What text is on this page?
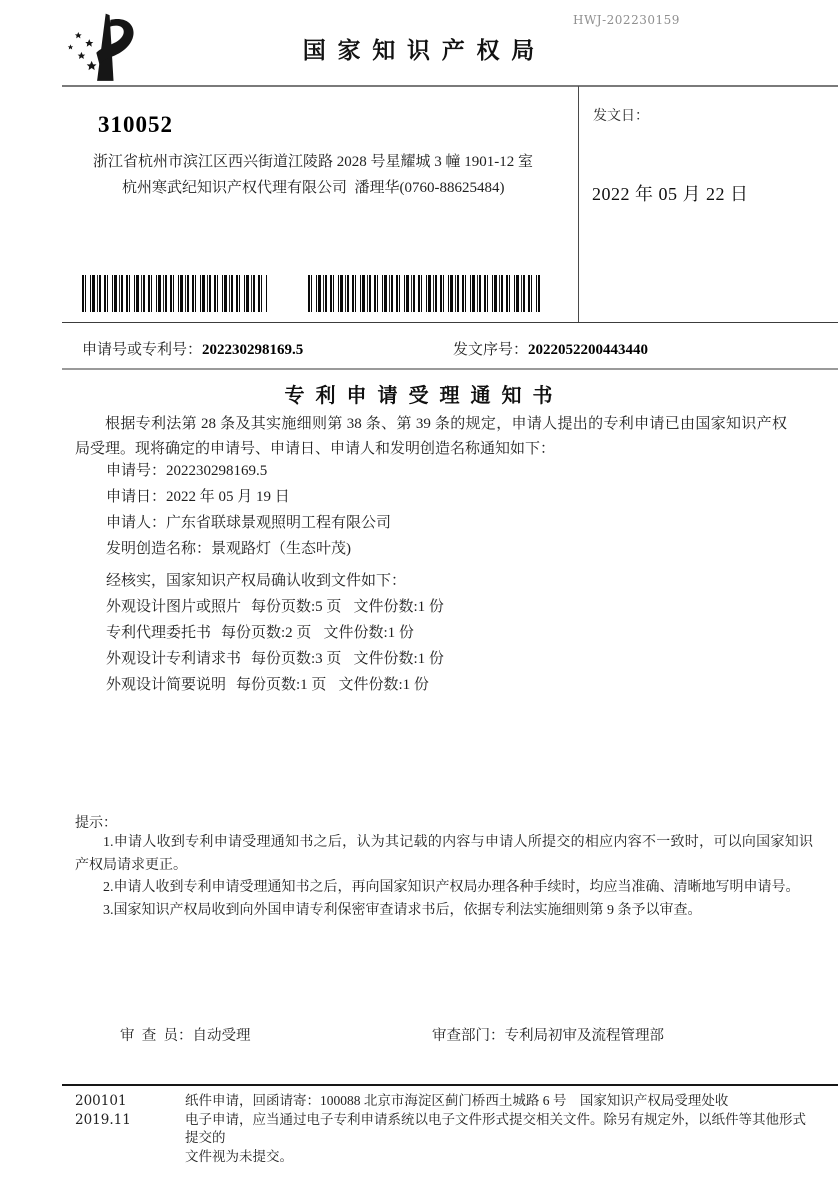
HWJ-202230159
国 家 知 识 产 权 局
发文日：
2022 年 05 月 22 日
310052
浙江省杭州市滨江区西兴街道江陵路 2028 号星耀城 3 幢 1901-12 室
杭州寒武纪知识产权代理有限公司  潘理华(0760-88625484)
申请号或专利号：202230298169.5	发文序号：2022052200443440
专 利 申 请 受 理 通 知 书
根据专利法第 28 条及其实施细则第 38 条、第 39 条的规定，申请人提出的专利申请已由国家知识产权局受理。现将确定的申请号、申请日、申请人和发明创造名称通知如下：
申请号：202230298169.5
申请日：2022 年 05 月 19 日
申请人：广东省联球景观照明工程有限公司
发明创造名称：景观路灯（生态叶茂)
经核实，国家知识产权局确认收到文件如下：
外观设计图片或照片 每份页数:5 页 文件份数:1 份
专利代理委托书 每份页数:2 页 文件份数:1 份
外观设计专利请求书 每份页数:3 页 文件份数:1 份
外观设计简要说明 每份页数:1 页 文件份数:1 份
提示：
1.申请人收到专利申请受理通知书之后，认为其记载的内容与申请人所提交的相应内容不一致时，可以向国家知识产权局请求更正。
2.申请人收到专利申请受理通知书之后，再向国家知识产权局办理各种手续时，均应当准确、清晰地写明申请号。
3.国家知识产权局收到向外国申请专利保密审查请求书后，依据专利法实施细则第 9 条予以审查。
审  查  员：自动受理	审查部门：专利局初审及流程管理部
200101	纸件申请，回函请寄：100088 北京市海淀区蓟门桥西土城路 6 号　国家知识产权局受理处收
2019.11	电子申请，应当通过电子专利申请系统以电子文件形式提交相关文件。除另有规定外，以纸件等其他形式提交的
文件视为未提交。
